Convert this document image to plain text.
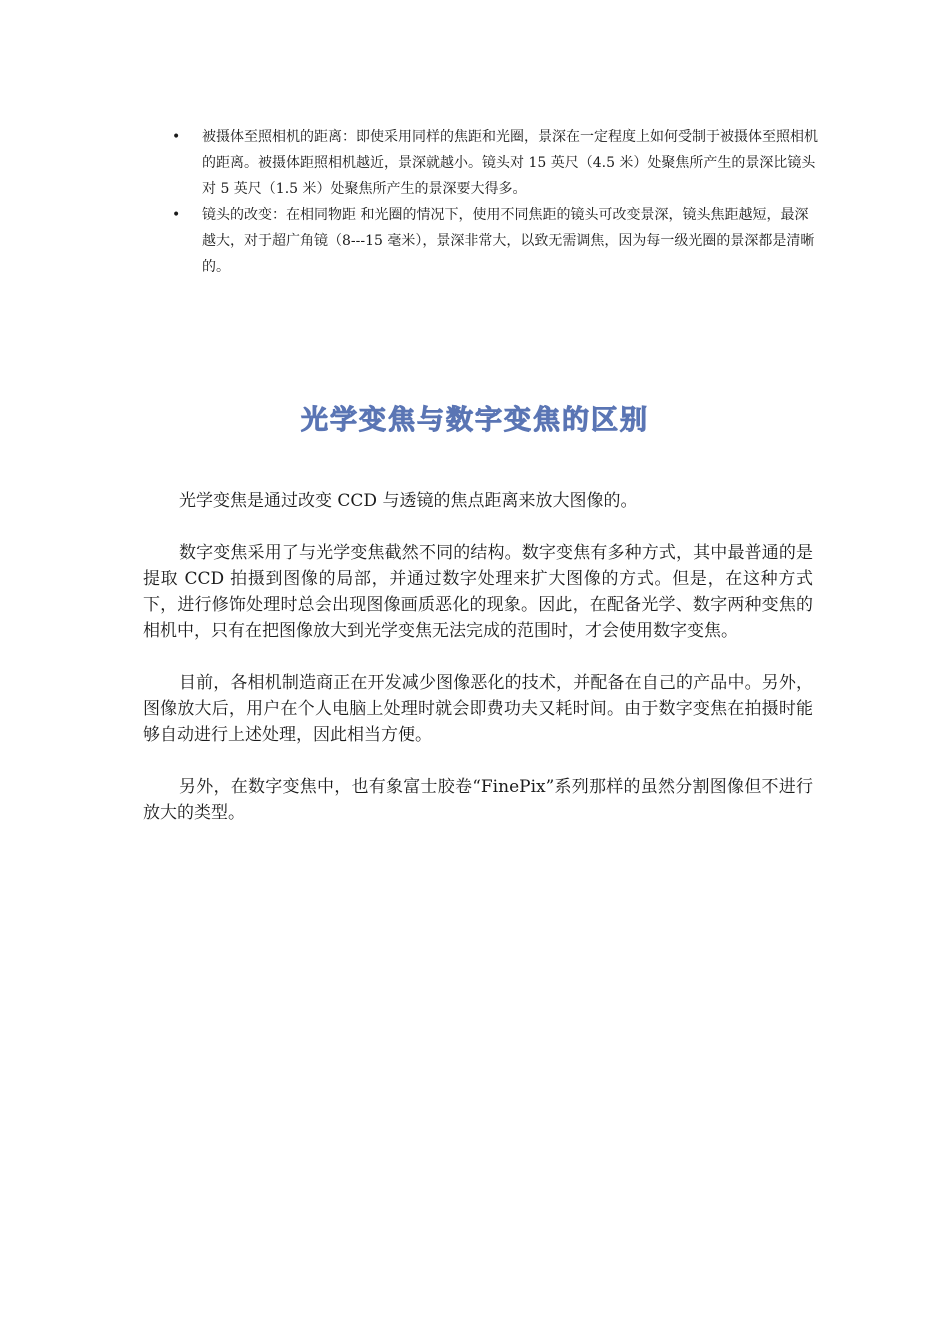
• 被摄体至照相机的距离：即使采用同样的焦距和光圈，景深在一定程度上如何受制于被摄体至照相机的距离。被摄体距照相机越近，景深就越小。镜头对 15 英尺（4.5 米）处聚焦所产生的景深比镜头对 5 英尺（1.5 米）处聚焦所产生的景深要大得多。
• 镜头的改变：在相同物距 和光圈的情况下，使用不同焦距的镜头可改变景深，镜头焦距越短，最深越大，对于超广角镜（8---15 毫米），景深非常大，以致无需调焦，因为每一级光圈的景深都是清晰的。
光学变焦与数字变焦的区别

光学变焦是通过改变 CCD 与透镜的焦点距离来放大图像的。

数字变焦采用了与光学变焦截然不同的结构。数字变焦有多种方式，其中最普通的是提取 CCD 拍摄到图像的局部，并通过数字处理来扩大图像的方式。但是，在这种方式下，进行修饰处理时总会出现图像画质恶化的现象。因此，在配备光学、数字两种变焦的相机中，只有在把图像放大到光学变焦无法完成的范围时，才会使用数字变焦。

目前，各相机制造商正在开发减少图像恶化的技术，并配备在自己的产品中。另外，图像放大后，用户在个人电脑上处理时就会即费功夫又耗时间。由于数字变焦在拍摄时能够自动进行上述处理，因此相当方便。

另外，在数字变焦中，也有象富士胶卷“FinePix”系列那样的虽然分割图像但不进行放大的类型。
